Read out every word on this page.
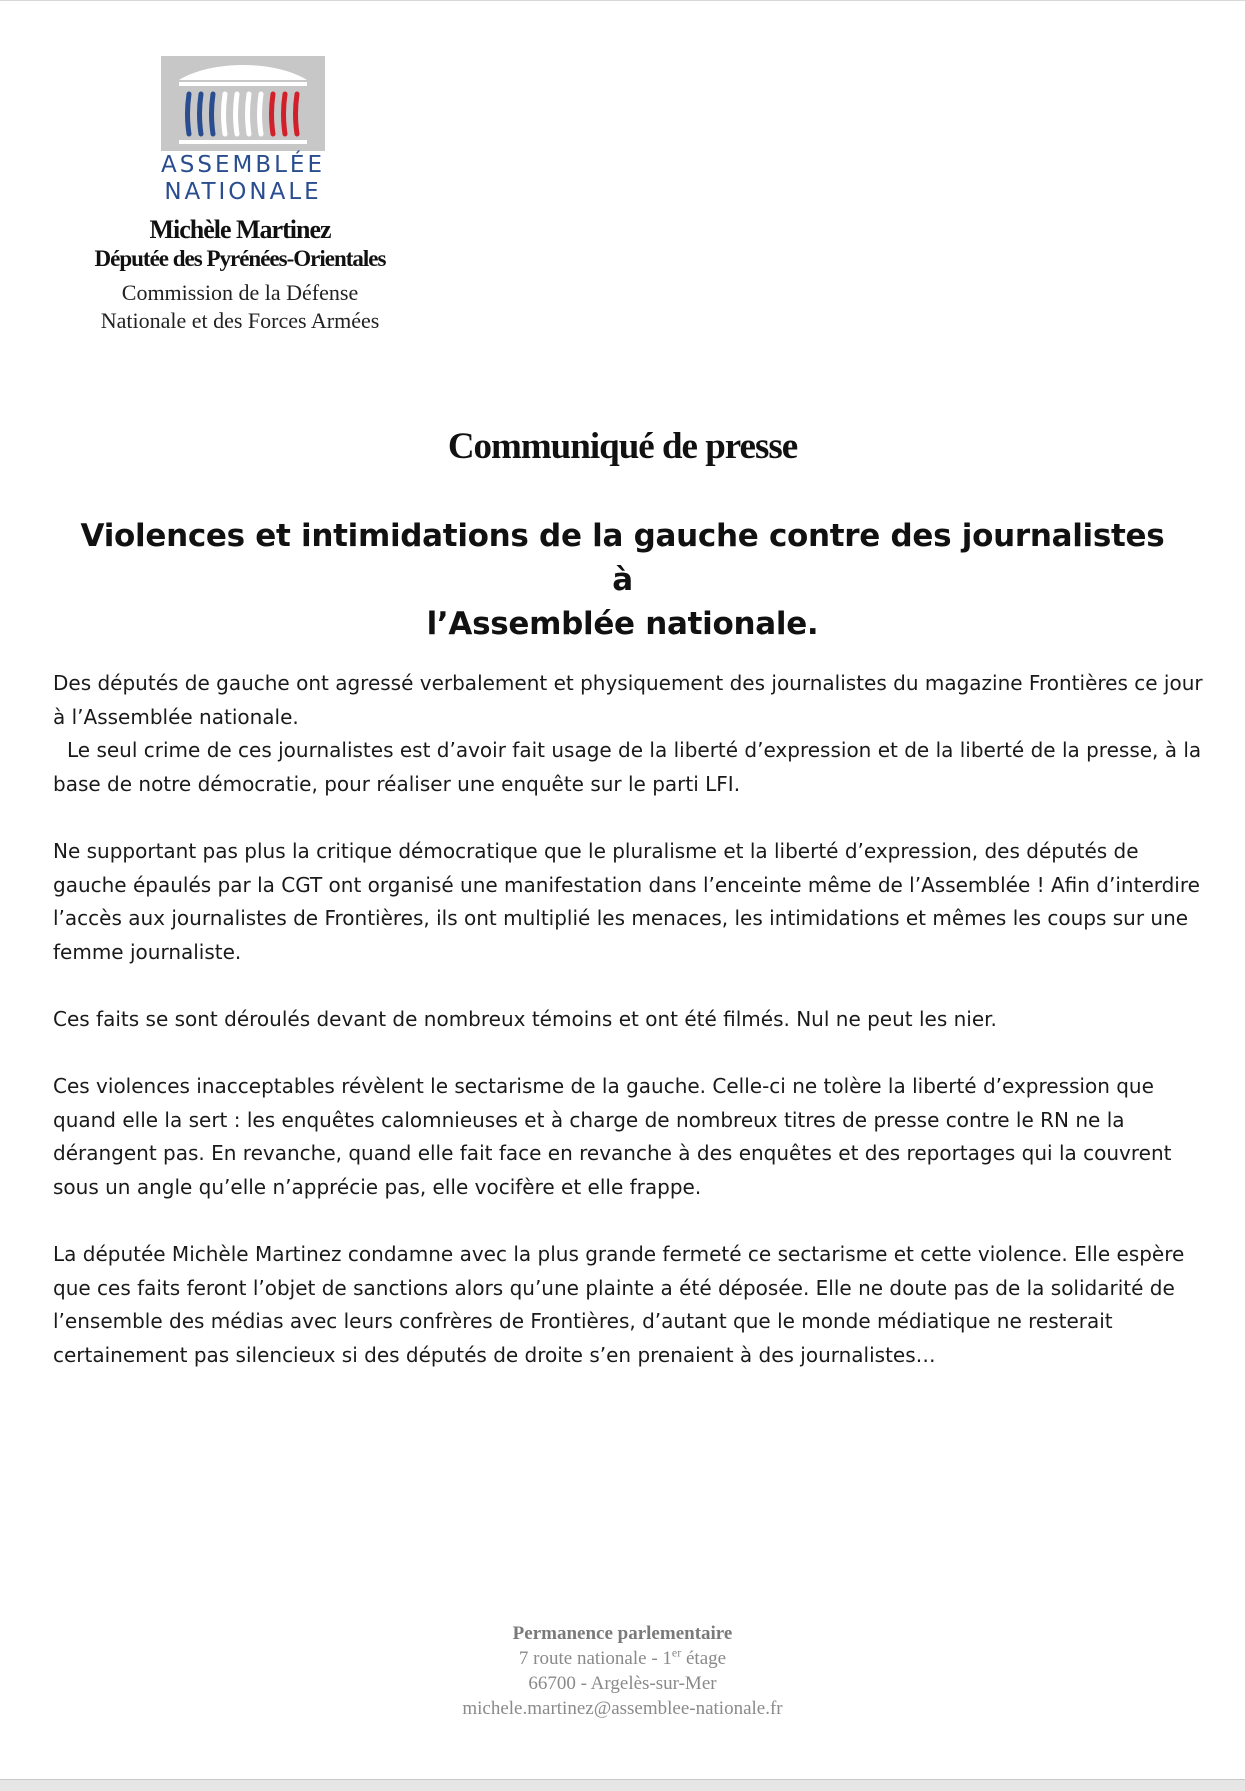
ASSEMBLÉE
NATIONALE
Michèle Martinez
Députée des Pyrénées-Orientales
Commission de la Défense
Nationale et des Forces Armées
Communiqué de presse
Violences et intimidations de la gauche contre des journalistes à
l’Assemblée nationale.

Des députés de gauche ont agressé verbalement et physiquement des journalistes du magazine Frontières ce jour à l’Assemblée nationale.

Le seul crime de ces journalistes est d’avoir fait usage de la liberté d’expression et de la liberté de la presse, à la base de notre démocratie, pour réaliser une enquête sur le parti LFI.

Ne supportant pas plus la critique démocratique que le pluralisme et la liberté d’expression, des députés de gauche épaulés par la CGT ont organisé une manifestation dans l’enceinte même de l’Assemblée ! Afin d’interdire l’accès aux journalistes de Frontières, ils ont multiplié les menaces, les intimidations et mêmes les coups sur une femme journaliste.

Ces faits se sont déroulés devant de nombreux témoins et ont été filmés. Nul ne peut les nier.

Ces violences inacceptables révèlent le sectarisme de la gauche. Celle-ci ne tolère la liberté d’expression que quand elle la sert : les enquêtes calomnieuses et à charge de nombreux titres de presse contre le RN ne la dérangent pas. En revanche, quand elle fait face en revanche à des enquêtes et des reportages qui la couvrent sous un angle qu’elle n’apprécie pas, elle vocifère et elle frappe.

La députée Michèle Martinez condamne avec la plus grande fermeté ce sectarisme et cette violence. Elle espère que ces faits feront l’objet de sanctions alors qu’une plainte a été déposée. Elle ne doute pas de la solidarité de l’ensemble des médias avec leurs confrères de Frontières, d’autant que le monde médiatique ne resterait certainement pas silencieux si des députés de droite s’en prenaient à des journalistes…

Permanence parlementaire
7 route nationale - 1er étage
66700 - Argelès-sur-Mer
michele.martinez@assemblee-nationale.fr
